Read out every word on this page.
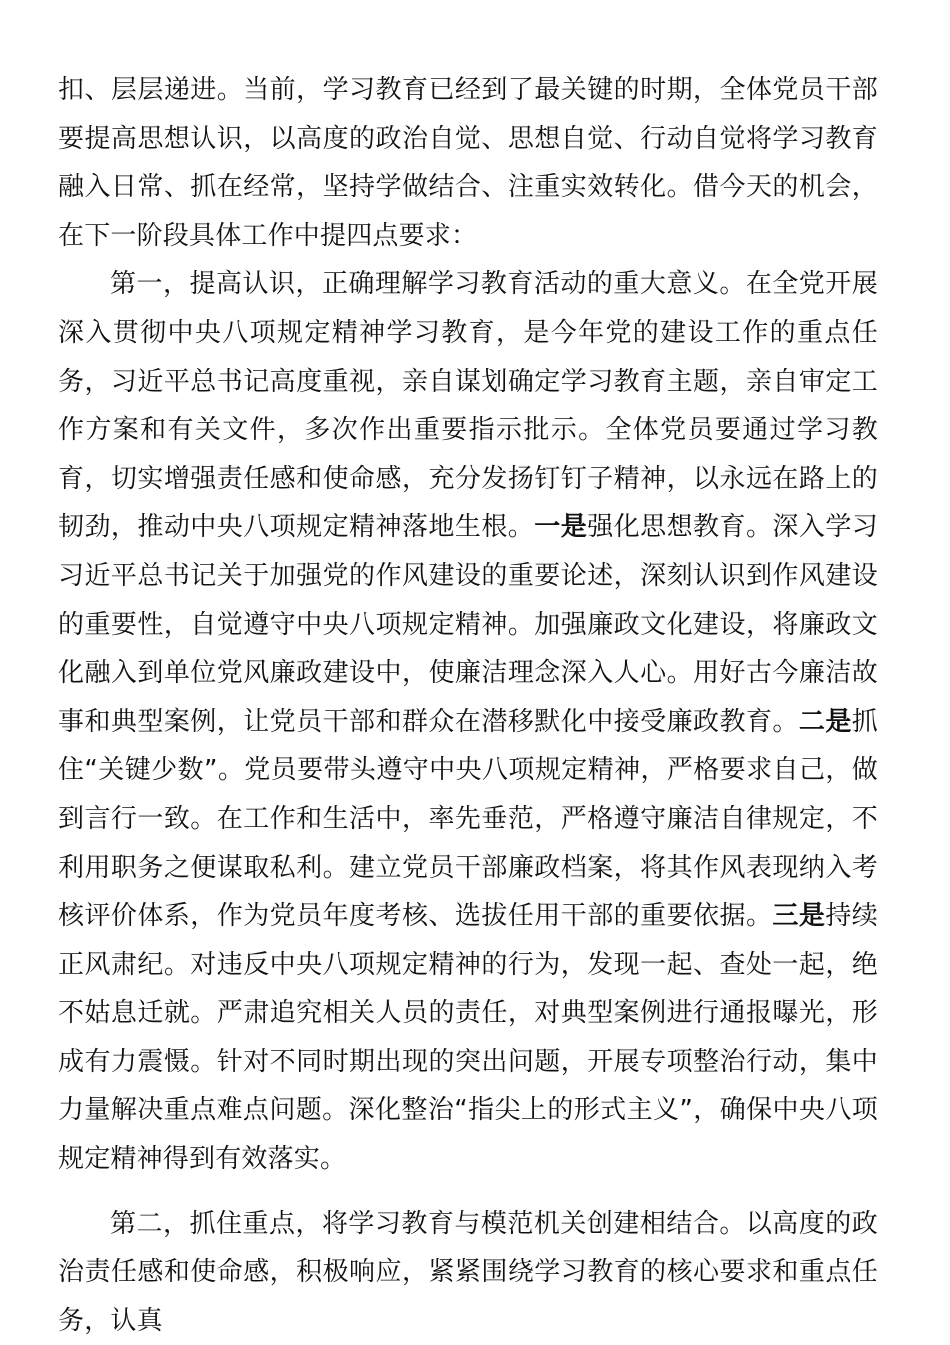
扣、层层递进。当前，学习教育已经到了最关键的时期，全体党员干部要提高思想认识，以高度的政治自觉、思想自觉、行动自觉将学习教育融入日常、抓在经常，坚持学做结合、注重实效转化。借今天的机会，在下一阶段具体工作中提四点要求：

第一，提高认识，正确理解学习教育活动的重大意义。在全党开展深入贯彻中央八项规定精神学习教育，是今年党的建设工作的重点任务，习近平总书记高度重视，亲自谋划确定学习教育主题，亲自审定工作方案和有关文件，多次作出重要指示批示。全体党员要通过学习教育，切实增强责任感和使命感，充分发扬钉钉子精神，以永远在路上的韧劲，推动中央八项规定精神落地生根。一是强化思想教育。深入学习习近平总书记关于加强党的作风建设的重要论述，深刻认识到作风建设的重要性，自觉遵守中央八项规定精神。加强廉政文化建设，将廉政文化融入到单位党风廉政建设中，使廉洁理念深入人心。用好古今廉洁故事和典型案例，让党员干部和群众在潜移默化中接受廉政教育。二是抓住“关键少数”。党员要带头遵守中央八项规定精神，严格要求自己，做到言行一致。在工作和生活中，率先垂范，严格遵守廉洁自律规定，不利用职务之便谋取私利。建立党员干部廉政档案，将其作风表现纳入考核评价体系，作为党员年度考核、选拔任用干部的重要依据。三是持续正风肃纪。对违反中央八项规定精神的行为，发现一起、查处一起，绝不姑息迁就。严肃追究相关人员的责任，对典型案例进行通报曝光，形成有力震慑。针对不同时期出现的突出问题，开展专项整治行动，集中力量解决重点难点问题。深化整治“指尖上的形式主义”，确保中央八项规定精神得到有效落实。

第二，抓住重点，将学习教育与模范机关创建相结合。以高度的政治责任感和使命感，积极响应，紧紧围绕学习教育的核心要求和重点任务，认真
